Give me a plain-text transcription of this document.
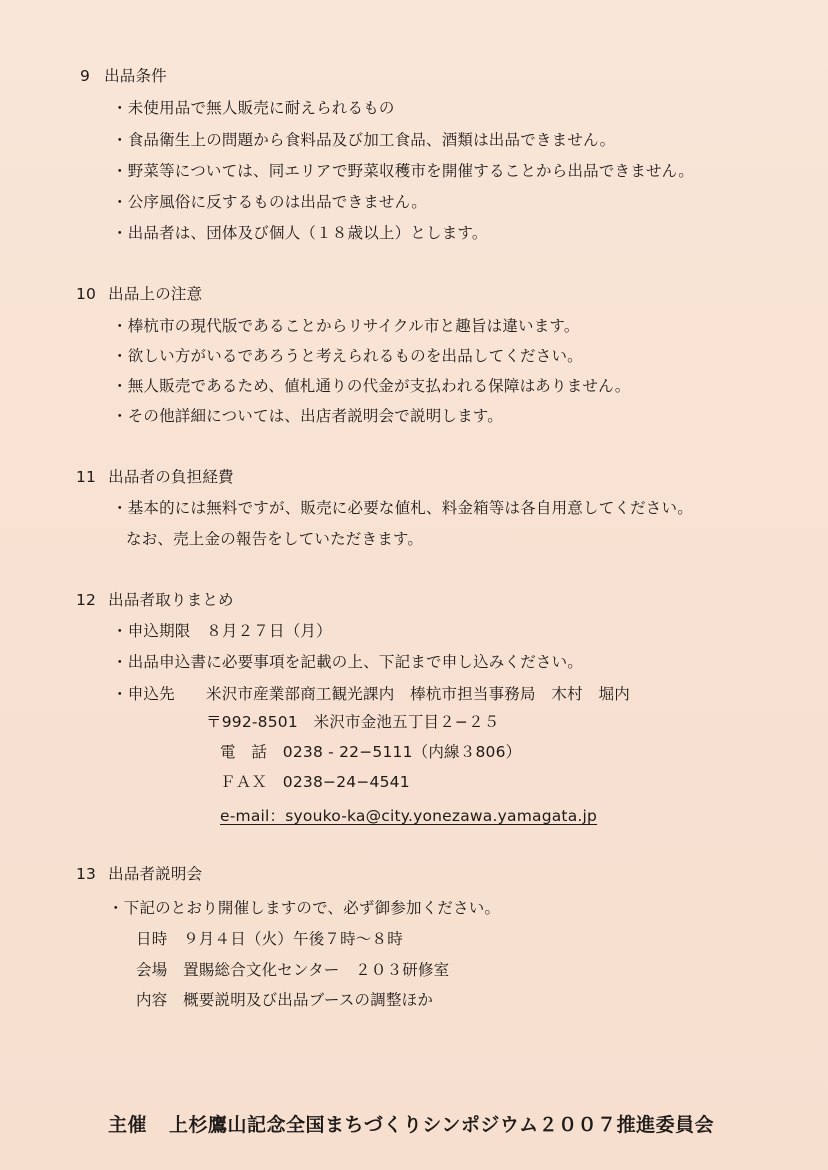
9 出品条件
・未使用品で無人販売に耐えられるもの
・食品衛生上の問題から食料品及び加工食品、酒類は出品できません。
・野菜等については、同エリアで野菜収穫市を開催することから出品できません。
・公序風俗に反するものは出品できません。
・出品者は、団体及び個人（１８歳以上）とします。
10 出品上の注意
・棒杭市の現代版であることからリサイクル市と趣旨は違います。
・欲しい方がいるであろうと考えられるものを出品してください。
・無人販売であるため、値札通りの代金が支払われる保障はありません。
・その他詳細については、出店者説明会で説明します。
11 出品者の負担経費
・基本的には無料ですが、販売に必要な値札、料金箱等は各自用意してください。
なお、売上金の報告をしていただきます。
12 出品者取りまとめ
・申込期限　８月２７日（月）
・出品申込書に必要事項を記載の上、下記まで申し込みください。
・申込先 米沢市産業部商工観光課内　棒杭市担当事務局　木村　堀内
〒992-8501　米沢市金池五丁目２−２５
電　話　0238 - 22−5111（内線３806）
ＦＡＸ　0238−24−4541
e-mail：syouko-ka@city.yonezawa.yamagata.jp
13 出品者説明会
・下記のとおり開催しますので、必ず御参加ください。
日時　９月４日（火）午後７時〜８時
会場　置賜総合文化センター　２０３研修室
内容　概要説明及び出品ブースの調整ほか
主催 上杉鷹山記念全国まちづくりシンポジウム２００７推進委員会
